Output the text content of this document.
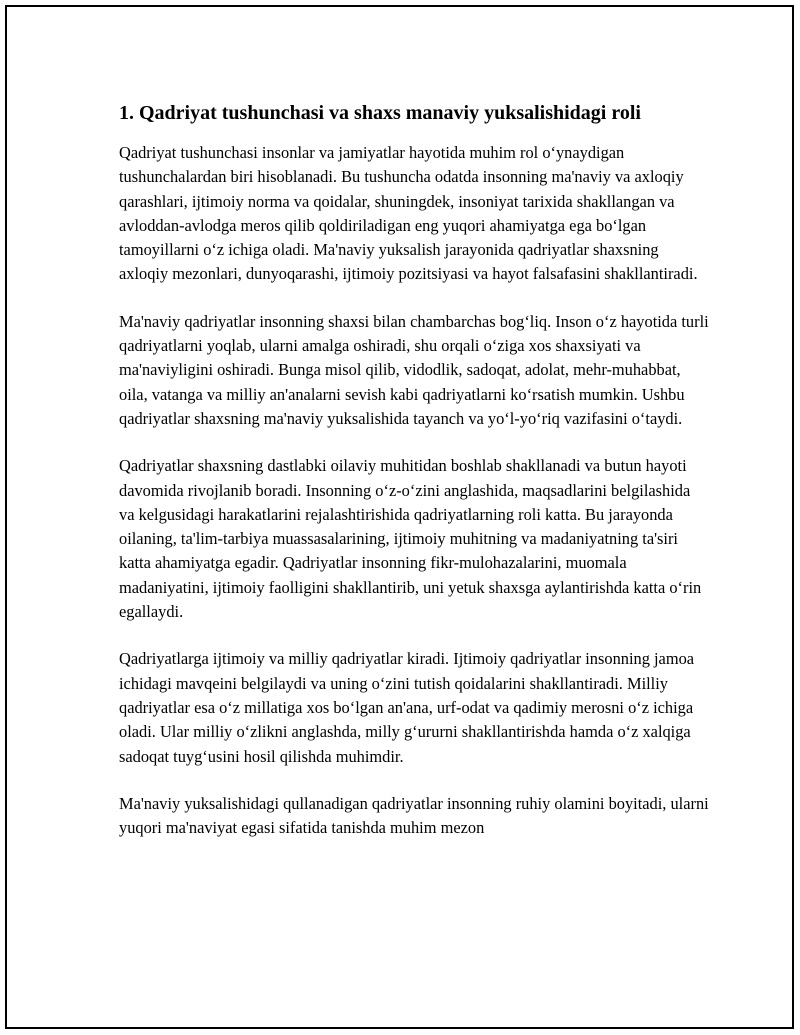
1. Qadriyat tushunchasi va shaxs manaviy yuksalishidagi roli

Qadriyat tushunchasi insonlar va jamiyatlar hayotida muhim rol oʻynaydigan tushunchalardan biri hisoblanadi. Bu tushuncha odatda insonning ma'naviy va axloqiy qarashlari, ijtimoiy norma va qoidalar, shuningdek, insoniyat tarixida shakllangan va avloddan-avlodga meros qilib qoldiriladigan eng yuqori ahamiyatga ega boʻlgan tamoyillarni oʻz ichiga oladi. Ma'naviy yuksalish jarayonida qadriyatlar shaxsning axloqiy mezonlari, dunyoqarashi, ijtimoiy pozitsiyasi va hayot falsafasini shakllantiradi.

Ma'naviy qadriyatlar insonning shaxsi bilan chambarchas bogʻliq. Inson oʻz hayotida turli qadriyatlarni yoqlab, ularni amalga oshiradi, shu orqali oʻziga xos shaxsiyati va ma'naviyligini oshiradi. Bunga misol qilib, vidodlik, sadoqat, adolat, mehr-muhabbat, oila, vatanga va milliy an'analarni sevish kabi qadriyatlarni koʻrsatish mumkin. Ushbu qadriyatlar shaxsning ma'naviy yuksalishida tayanch va yoʻl-yoʻriq vazifasini oʻtaydi.

Qadriyatlar shaxsning dastlabki oilaviy muhitidan boshlab shakllanadi va butun hayoti davomida rivojlanib boradi. Insonning oʻz-oʻzini anglashida, maqsadlarini belgilashida va kelgusidagi harakatlarini rejalashtirishida qadriyatlarning roli katta. Bu jarayonda oilaning, ta'lim-tarbiya muassasalarining, ijtimoiy muhitning va madaniyatning ta'siri katta ahamiyatga egadir. Qadriyatlar insonning fikr-mulohazalarini, muomala madaniyatini, ijtimoiy faolligini shakllantirib, uni yetuk shaxsga aylantirishda katta oʻrin egallaydi.

Qadriyatlarga ijtimoiy va milliy qadriyatlar kiradi. Ijtimoiy qadriyatlar insonning jamoa ichidagi mavqeini belgilaydi va uning oʻzini tutish qoidalarini shakllantiradi. Milliy qadriyatlar esa oʻz millatiga xos boʻlgan an'ana, urf-odat va qadimiy merosni oʻz ichiga oladi. Ular milliy oʻzlikni anglashda, milly gʻururni shakllantirishda hamda oʻz xalqiga sadoqat tuygʻusini hosil qilishda muhimdir.

Ma'naviy yuksalishidagi qullanadigan qadriyatlar insonning ruhiy olamini boyitadi, ularni yuqori ma'naviyat egasi sifatida tanishda muhim mezon
